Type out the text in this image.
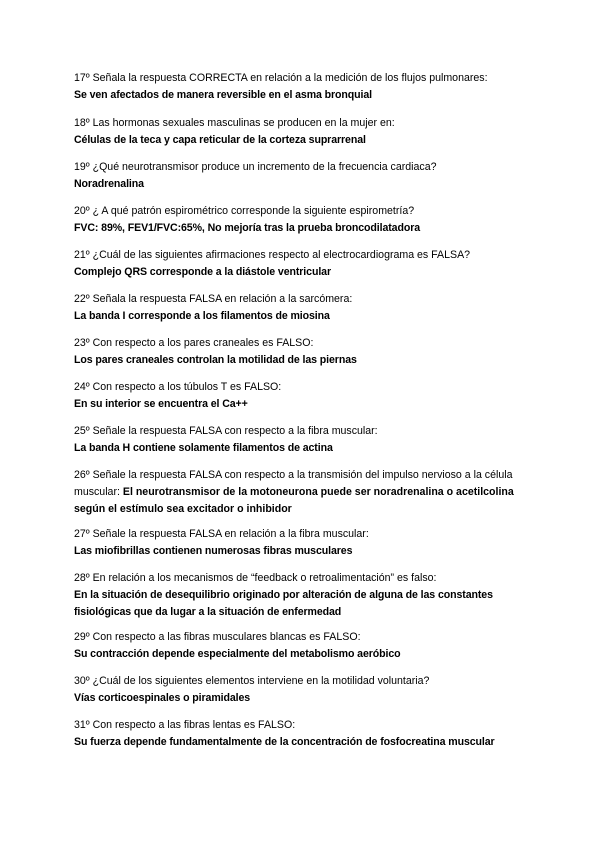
17º Señala la respuesta CORRECTA en relación a la medición de los flujos pulmonares:

Se ven afectados de manera reversible en el asma bronquial

18º Las hormonas sexuales masculinas se producen en la mujer en:

Células de la teca y capa reticular de la corteza suprarrenal

19º ¿Qué neurotransmisor produce un incremento de la frecuencia cardiaca?

Noradrenalina

20º ¿ A qué patrón espirométrico corresponde la siguiente espirometría?

FVC: 89%, FEV1/FVC:65%, No mejoría tras la prueba broncodilatadora

21º ¿Cuál de las siguientes afirmaciones respecto al electrocardiograma es FALSA?

Complejo QRS corresponde a la diástole ventricular

22º Señala la respuesta FALSA en relación a la sarcómera:

La banda I corresponde a los filamentos de miosina

23º Con respecto a los pares craneales es FALSO:

Los pares craneales controlan la motilidad de las piernas

24º Con respecto a los túbulos T es FALSO:

En su interior se encuentra el Ca++

25º Señale la respuesta FALSA con respecto a la fibra muscular:

La banda H contiene solamente filamentos de actina

26º Señale la respuesta FALSA con respecto a la transmisión del impulso nervioso a la célula muscular: El neurotransmisor de la motoneurona puede ser noradrenalina o acetilcolina según el estímulo sea excitador o inhibidor

27º Señale la respuesta FALSA en relación a la fibra muscular:

Las miofibrillas contienen numerosas fibras musculares

28º En relación a los mecanismos de “feedback o retroalimentación” es falso:

En la situación de desequilibrio originado por alteración de alguna de las constantes

fisiológicas que da lugar a la situación de enfermedad

29º Con respecto a las fibras musculares blancas es FALSO:

Su contracción depende especialmente del metabolismo aeróbico

30º ¿Cuál de los siguientes elementos interviene en la motilidad voluntaria?

Vías corticoespinales o piramidales

31º Con respecto a las fibras lentas es FALSO:

Su fuerza depende fundamentalmente de la concentración de fosfocreatina muscular
